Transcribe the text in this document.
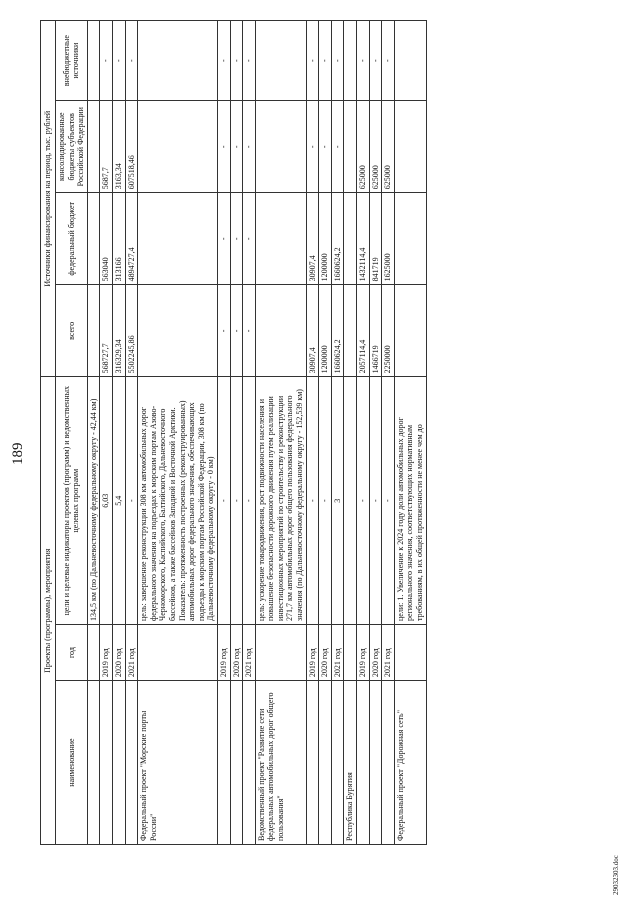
189
Проекты (программы), мероприятия			Источники финансирования на период, тыс. рублей			
наименование	год	цели и целевые индикаторы проектов (программ) и ведомственных целевых программ	всего	федеральный бюджет	консолидированные бюджеты субъектов Российской Федерации	внебюджетные источники
		134,5 км (по Дальневосточному федеральному округу - 42,44 км)				
	2019 год	6,03	568727,7	563040	5687,7	-
	2020 год	5,4	316329,34	313166	3163,34	-
	2021 год	-	5502245,86	4894727,4	607518,46	-
Федеральный проект "Морские порты России"		цель: завершение реконструкции 308 км автомобильных дорог федерального значения на подъездах к морским портам Азово-Черноморского, Каспийского, Балтийского, Дальневосточного бассейнов, а также бассейнов Западной и Восточной Арктики. Показатель: протяженность построенных (реконструированных) автомобильных дорог федерального значения, обеспечивающих подъезды к морским портам Российской Федерации, 308 км (по Дальневосточному федеральному округу - 0 км)				
	2019 год	-	-	-	-	-
	2020 год	-	-	-	-	-
	2021 год	-	-	-	-	-
Ведомственный проект "Развитие сети федеральных автомобильных дорог общего пользования"		цель: ускорение товародвижения, рост подвижности населения и повышение безопасности дорожного движения путем реализации инвестиционных мероприятий по строительству и реконструкции 271,7 км автомобильных дорог общего пользования федерального значения (по Дальневосточному федеральному округу - 152,539 км)				
	2019 год	-	30907,4	30907,4	-	-
	2020 год	-	1200000	1200000	-	-
	2021 год	3	1660624,2	1660624,2	-	-
Республика Бурятия						
	2019 год	-	2057114,4	1432114,4	625000	-
	2020 год	-	1466719	841719	625000	-
	2021 год	-	2250000	1625000	625000	-
Федеральный проект "Дорожная сеть"		цели: 1. Увеличение к 2024 году доли автомобильных дорог регионального значения, соответствующих нормативным требованиям, в их общей протяженности не менее чем до				
29032303.doc
